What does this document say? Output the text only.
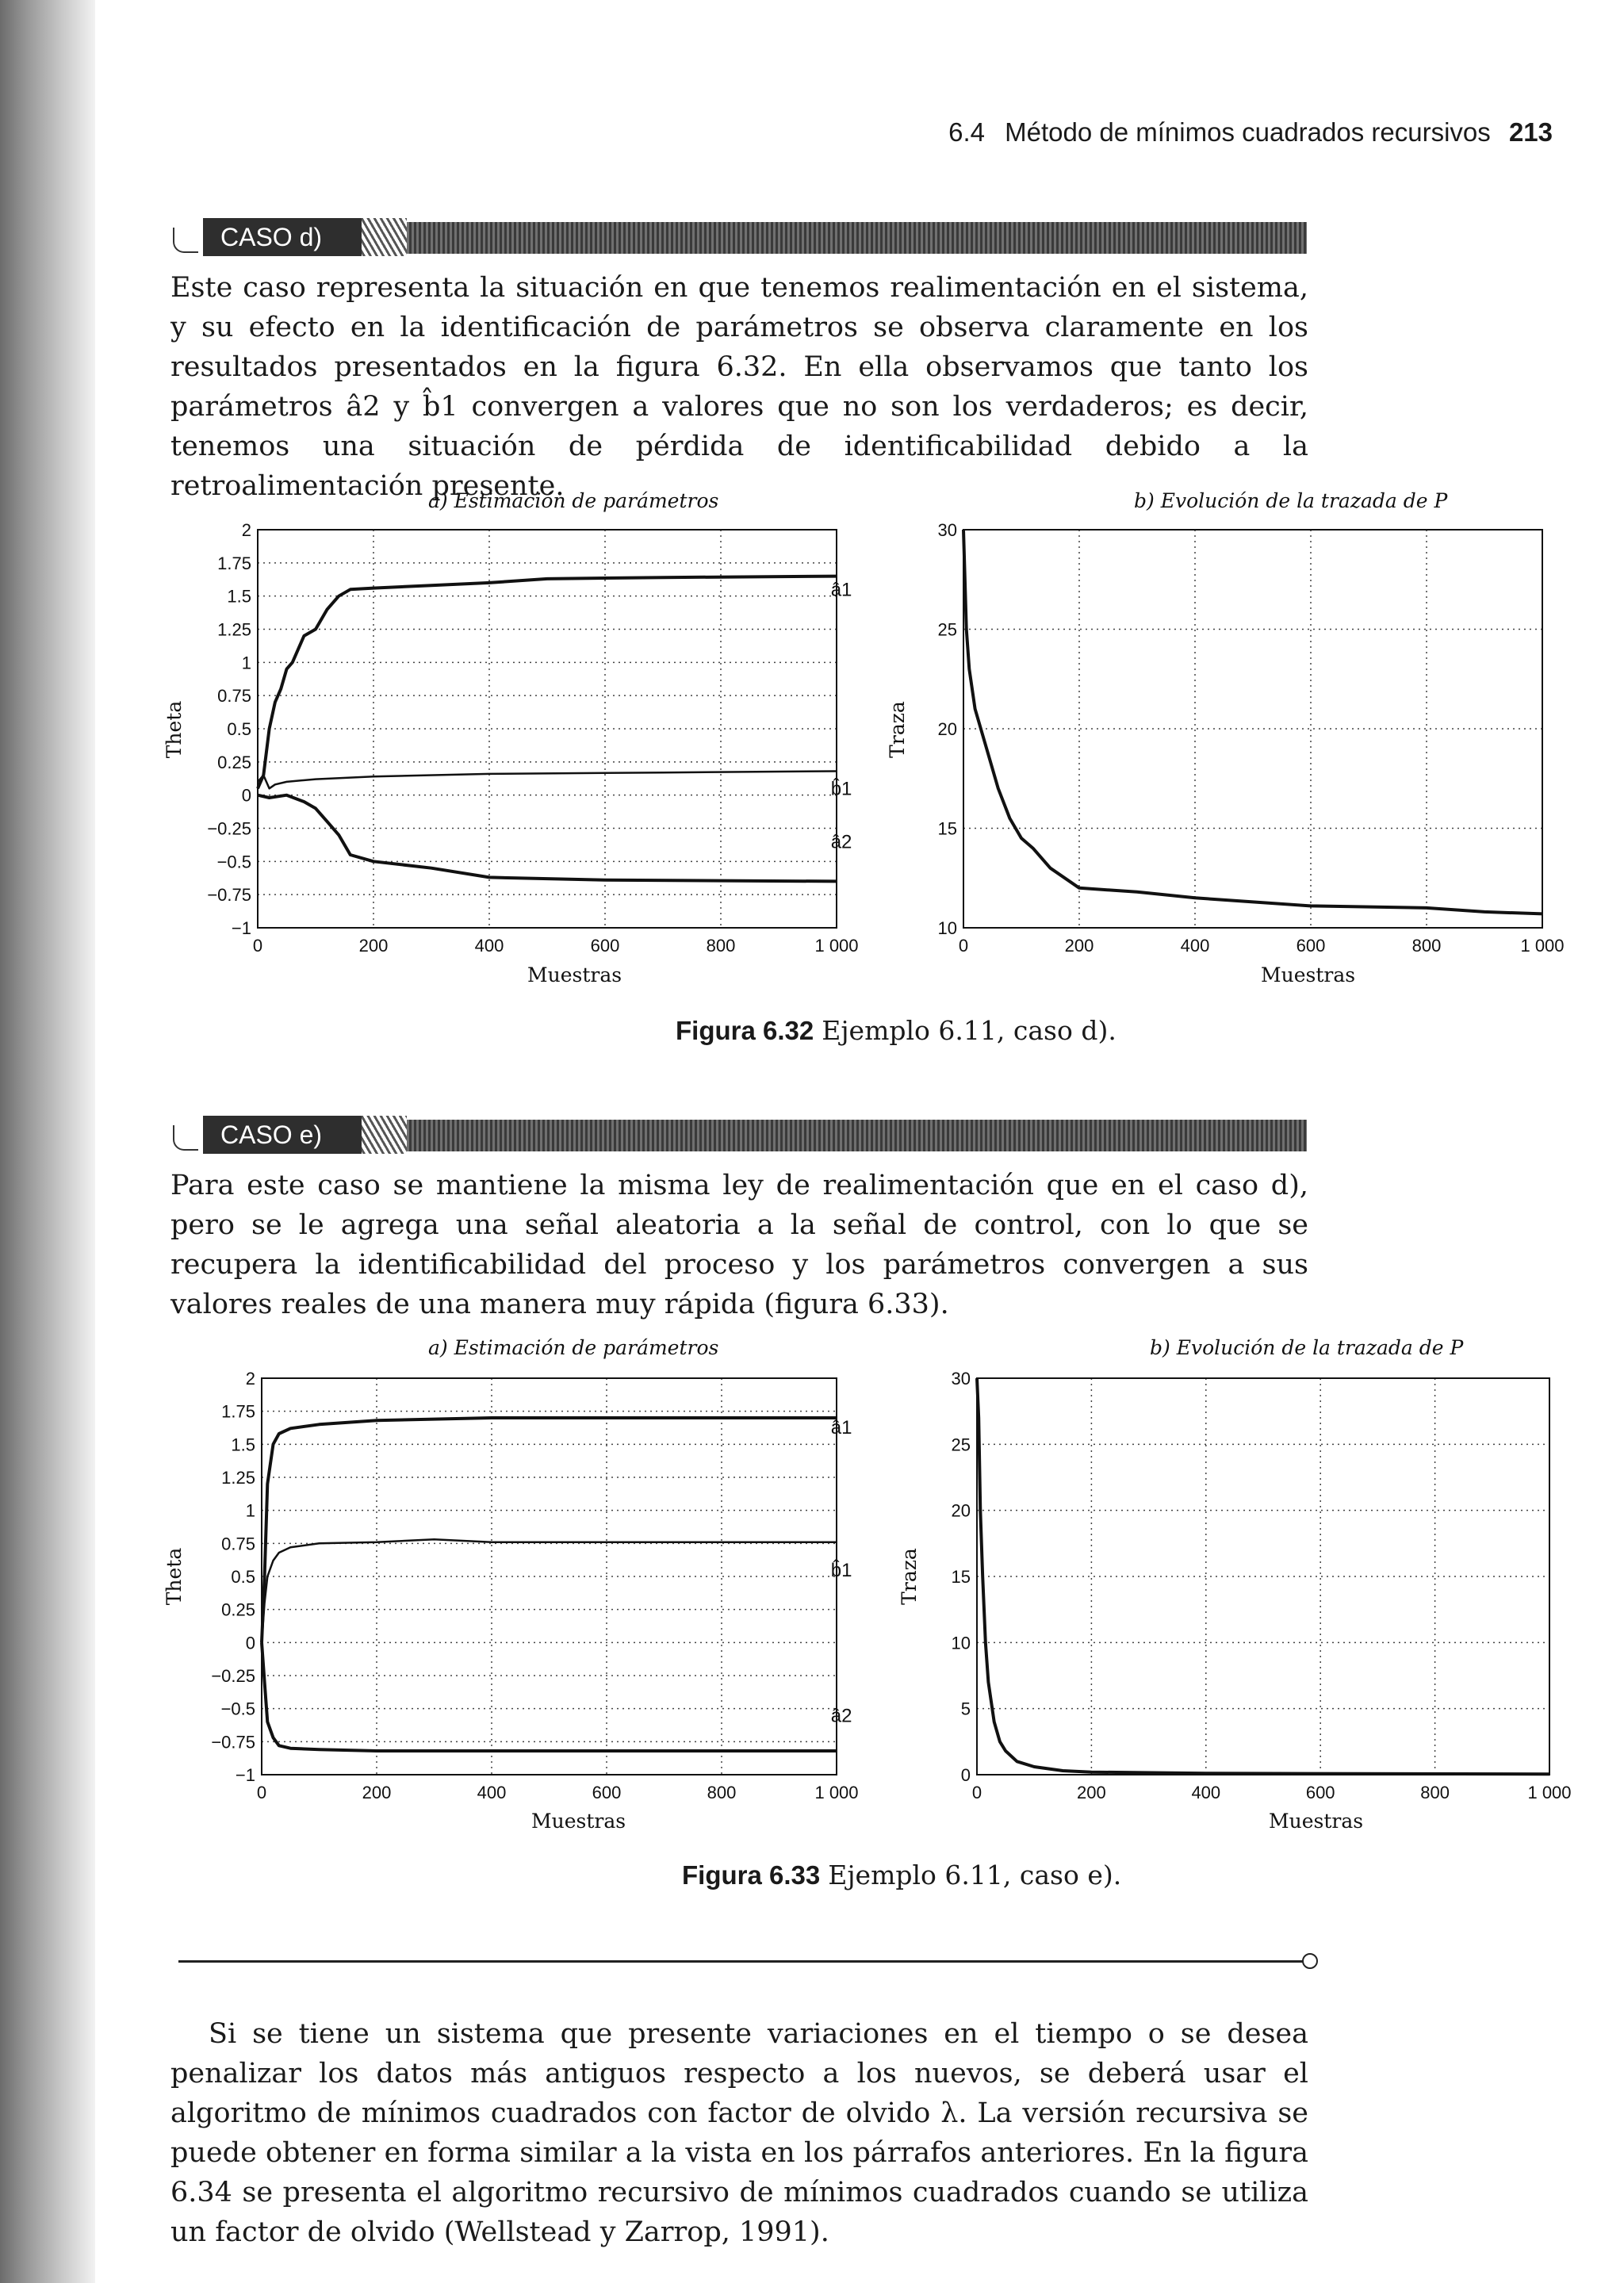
6.4 Método de mínimos cuadrados recursivos 213
CASO d)

Este caso representa la situación en que tenemos realimentación en el sistema, y su efecto en la identificación de parámetros se observa claramente en los resultados presentados en la figura 6.32. En ella observamos que tanto los parámetros â2 y b̂1 convergen a valores que no son los verdaderos; es decir, tenemos una situación de pérdida de identificabilidad debido a la retroalimentación presente.

CASO e)

Para este caso se mantiene la misma ley de realimentación que en el caso d), pero se le agrega una señal aleatoria a la señal de control, con lo que se recupera la identificabilidad del proceso y los parámetros convergen a sus valores reales de una manera muy rápida (figura 6.33).

0	200	400	600	800	1 000
−1
−0.75
−0.5
−0.25
0
0.25
0.5
0.75
1
1.25
1.5
1.75
2
a) Estimación de parámetros
Muestras
Theta
â1
b̂1
â2
0	200	400	600	800	1 000
10
15
20
25
30
b) Evolución de la trazada de P
Muestras
Traza
0	200	400	600	800	1 000
−1
−0.75
−0.5
−0.25
0
0.25
0.5
0.75
1
1.25
1.5
1.75
2
a) Estimación de parámetros
Muestras
Theta
â1
b̂1
â2
0	200	400	600	800	1 000
0
5
10
15
20
25
30
b) Evolución de la trazada de P
Muestras
Traza
Figura 6.32 Ejemplo 6.11, caso d).
Figura 6.33 Ejemplo 6.11, caso e).

Si se tiene un sistema que presente variaciones en el tiempo o se desea penalizar los datos más antiguos respecto a los nuevos, se deberá usar el algoritmo de mínimos cuadrados con factor de olvido λ. La versión recursiva se puede obtener en forma similar a la vista en los párrafos anteriores. En la figura 6.34 se presenta el algoritmo recursivo de mínimos cuadrados cuando se utiliza un factor de olvido (Wellstead y Zarrop, 1991).
